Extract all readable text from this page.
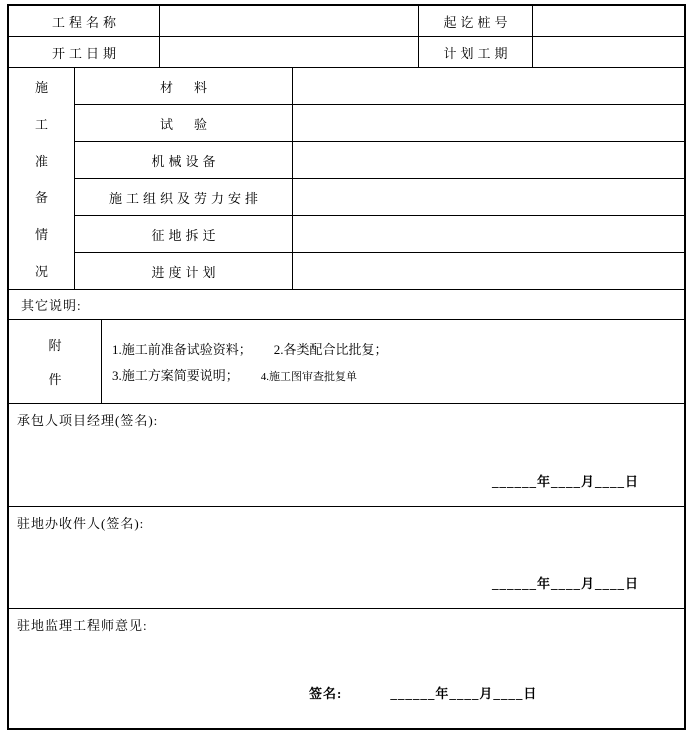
工程名称	起讫桩号
开工日期	计划工期
施
工
准
备
情
况
材　料
试　验
机械设备
施工组织及劳力安排
征地拆迁
进度计划
其它说明:
附
件
1.施工前准备试验资料； 2.各类配合比批复；
3.施工方案简要说明； 4.施工图审查批复单
承包人项目经理(签名):
______年____月____日
驻地办收件人(签名):
______年____月____日
驻地监理工程师意见:
签名:	______年____月____日
